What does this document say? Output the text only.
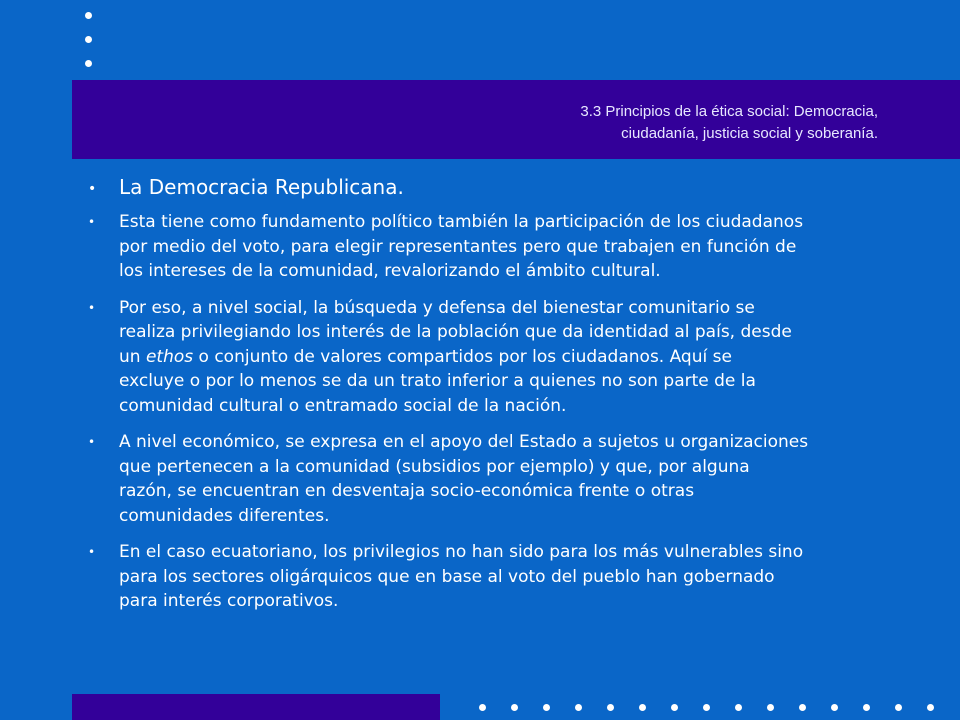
3.3 Principios de la ética social: Democracia,
ciudadanía, justicia social y soberanía.

• La Democracia Republicana.

• Esta tiene como fundamento político también la participación de los ciudadanos
por medio del voto, para elegir representantes pero que trabajen en función de
los intereses de la comunidad, revalorizando el ámbito cultural.

• Por eso, a nivel social, la búsqueda y defensa del bienestar comunitario se
realiza privilegiando los interés de la población que da identidad al país, desde
un ethos o conjunto de valores compartidos por los ciudadanos. Aquí se
excluye o por lo menos se da un trato inferior a quienes no son parte de la
comunidad cultural o entramado social de la nación.

• A nivel económico, se expresa en el apoyo del Estado a sujetos u organizaciones
que pertenecen a la comunidad (subsidios por ejemplo) y que, por alguna
razón, se encuentran en desventaja socio-económica frente o otras
comunidades diferentes.

• En el caso ecuatoriano, los privilegios no han sido para los más vulnerables sino
para los sectores oligárquicos que en base al voto del pueblo han gobernado
para interés corporativos.
